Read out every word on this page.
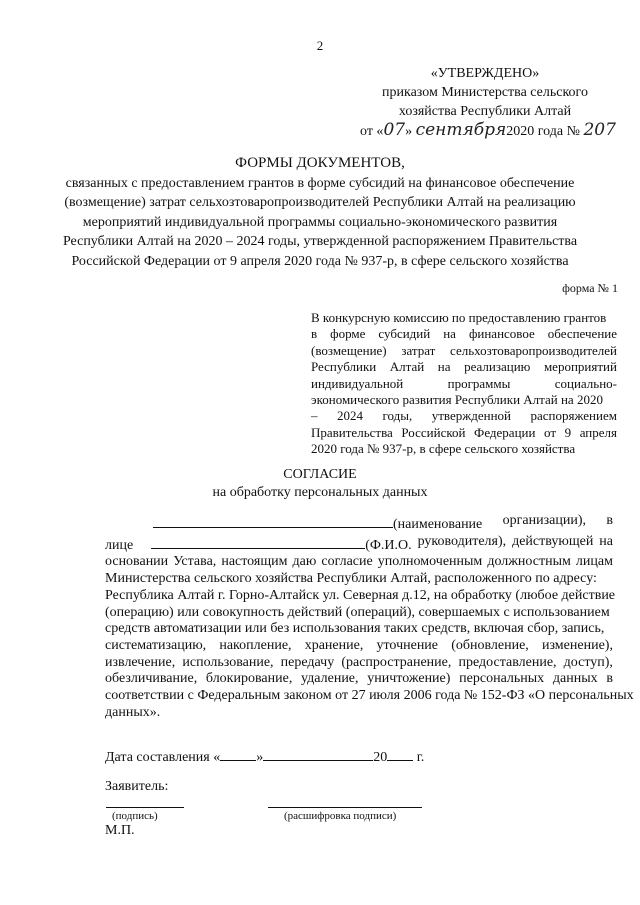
2
«УТВЕРЖДЕНО»
приказом Министерства сельского
хозяйства Республики Алтай
от «07» сентября2020 года № 207
ФОРМЫ ДОКУМЕНТОВ,
связанных с предоставлением грантов в форме субсидий на финансовое обеспечение
(возмещение) затрат сельхозтоваропроизводителей Республики Алтай на реализацию
мероприятий индивидуальной программы социально-экономического развития
Республики Алтай на 2020 – 2024 годы, утвержденной распоряжением Правительства
Российской Федерации от 9 апреля 2020 года № 937-р, в сфере сельского хозяйства
форма № 1
В конкурсную комиссию по предоставлению грантов
в форме субсидий на финансовое обеспечение
(возмещение) затрат сельхозтоваропроизводителей
Республики Алтай на реализацию мероприятий
индивидуальной	программы	социально-
экономического развития Республики Алтай на 2020
– 2024 годы, утвержденной распоряжением
Правительства Российской Федерации от 9 апреля
2020 года № 937-р, в сфере сельского хозяйства
СОГЛАСИЕ
на обработку персональных данных
(наименование организации), в
лице	(Ф.И.О. руководителя), действующей на
основании Устава, настоящим даю согласие уполномоченным должностным лицам
Министерства сельского хозяйства Республики Алтай, расположенного по адресу:
Республика Алтай г. Горно-Алтайск ул. Северная д.12, на обработку (любое действие
(операцию) или совокупность действий (операций), совершаемых с использованием
средств автоматизации или без использования таких средств, включая сбор, запись,
систематизацию, накопление, хранение, уточнение (обновление, изменение),
извлечение, использование, передачу (распространение, предоставление, доступ),
обезличивание, блокирование, удаление, уничтожение) персональных данных в
соответствии с Федеральным законом от 27 июля 2006 года № 152-ФЗ «О персональных
данных».
Дата составления «	»	20 г.
Заявитель:
(подпись)	(расшифровка подписи)
М.П.
